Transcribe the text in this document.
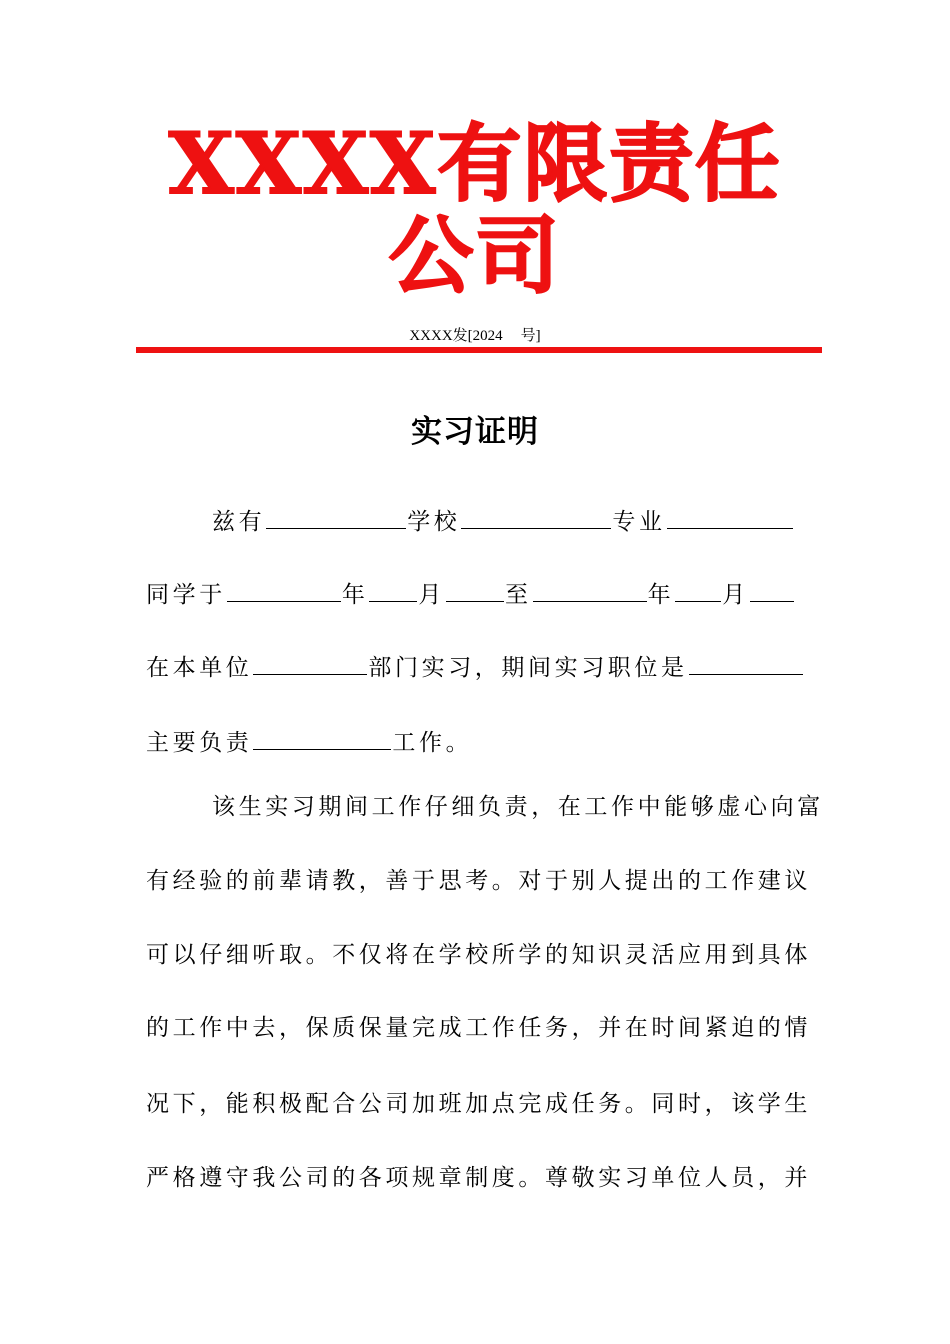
XXXX有限责任公司
XXXX发[2024 号]
实习证明
兹有	学校	专业
同学于	年 月	至	年 月
在本单位	部门实习，期间实习职位是
主要负责	工作。
该生实习期间工作仔细负责，在工作中能够虚心向富
有经验的前辈请教，善于思考。对于别人提出的工作建议
可以仔细听取。不仅将在学校所学的知识灵活应用到具体
的工作中去，保质保量完成工作任务，并在时间紧迫的情
况下，能积极配合公司加班加点完成任务。同时，该学生
严格遵守我公司的各项规章制度。尊敬实习单位人员，并
